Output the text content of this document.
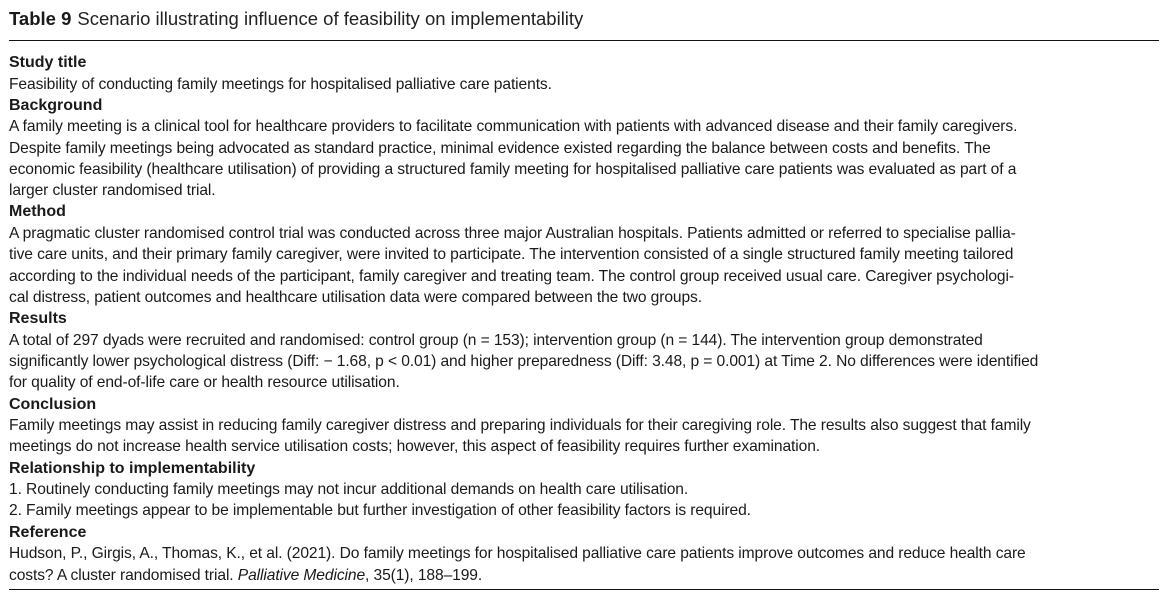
Table 9 Scenario illustrating influence of feasibility on implementability
Study title

Feasibility of conducting family meetings for hospitalised palliative care patients.

Background

A family meeting is a clinical tool for healthcare providers to facilitate communication with patients with advanced disease and their family caregivers.

Despite family meetings being advocated as standard practice, minimal evidence existed regarding the balance between costs and benefits. The

economic feasibility (healthcare utilisation) of providing a structured family meeting for hospitalised palliative care patients was evaluated as part of a

larger cluster randomised trial.

Method

A pragmatic cluster randomised control trial was conducted across three major Australian hospitals. Patients admitted or referred to specialise pallia-

tive care units, and their primary family caregiver, were invited to participate. The intervention consisted of a single structured family meeting tailored

according to the individual needs of the participant, family caregiver and treating team. The control group received usual care. Caregiver psychologi-

cal distress, patient outcomes and healthcare utilisation data were compared between the two groups.

Results

A total of 297 dyads were recruited and randomised: control group (n = 153); intervention group (n = 144). The intervention group demonstrated

significantly lower psychological distress (Diff: − 1.68, p < 0.01) and higher preparedness (Diff: 3.48, p = 0.001) at Time 2. No differences were identified

for quality of end-of-life care or health resource utilisation.

Conclusion

Family meetings may assist in reducing family caregiver distress and preparing individuals for their caregiving role. The results also suggest that family

meetings do not increase health service utilisation costs; however, this aspect of feasibility requires further examination.

Relationship to implementability

1. Routinely conducting family meetings may not incur additional demands on health care utilisation.

2. Family meetings appear to be implementable but further investigation of other feasibility factors is required.

Reference

Hudson, P., Girgis, A., Thomas, K., et al. (2021). Do family meetings for hospitalised palliative care patients improve outcomes and reduce health care

costs? A cluster randomised trial. Palliative Medicine, 35(1), 188–199.
